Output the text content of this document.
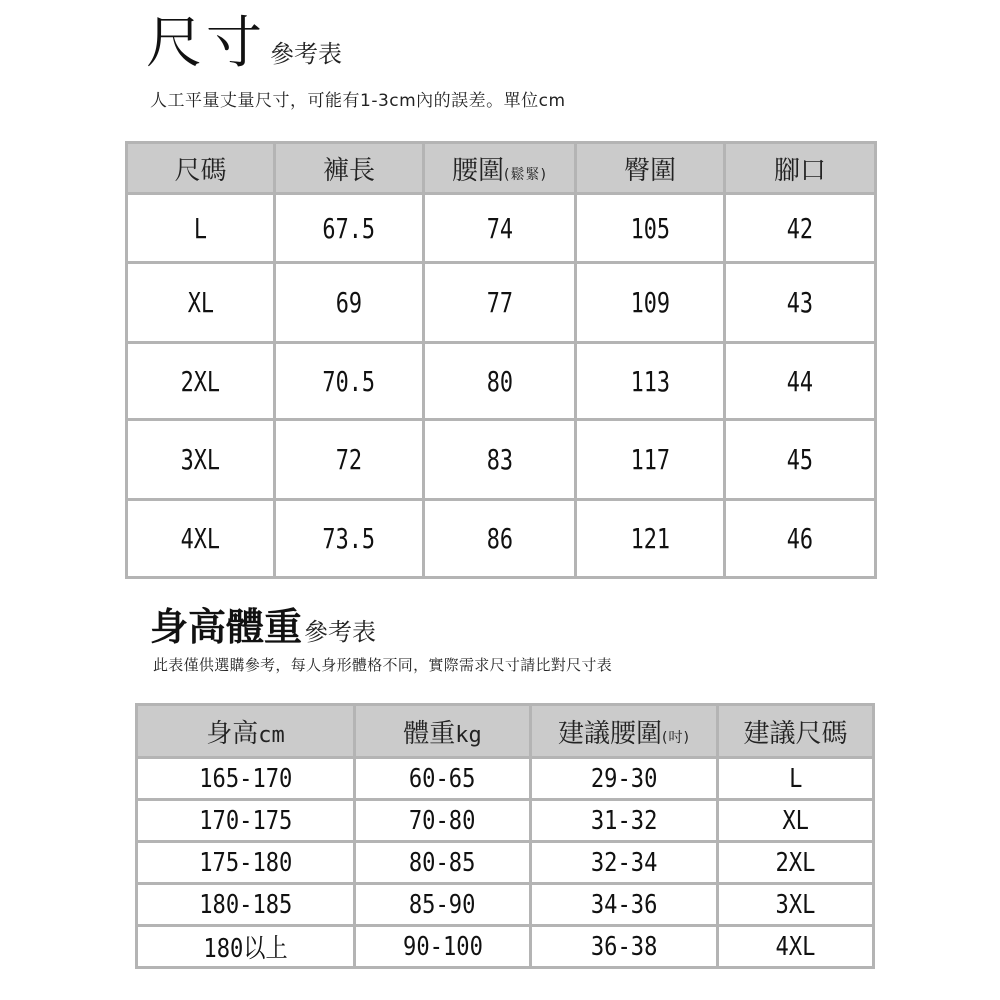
尺寸 參考表
人工平量丈量尺寸，可能有1-3cm內的誤差。單位cm
尺碼	褲長	腰圍(鬆緊)	臀圍	腳口
L	67.5	74	105	42
XL	69	77	109	43
2XL	70.5	80	113	44
3XL	72	83	117	45
4XL	73.5	86	121	46
身高體重 參考表
此表僅供選購參考，每人身形體格不同，實際需求尺寸請比對尺寸表
身高cm	體重kg	建議腰圍(吋)	建議尺碼
165-170	60-65	29-30	L
170-175	70-80	31-32	XL
175-180	80-85	32-34	2XL
180-185	85-90	34-36	3XL
180以上	90-100	36-38	4XL
